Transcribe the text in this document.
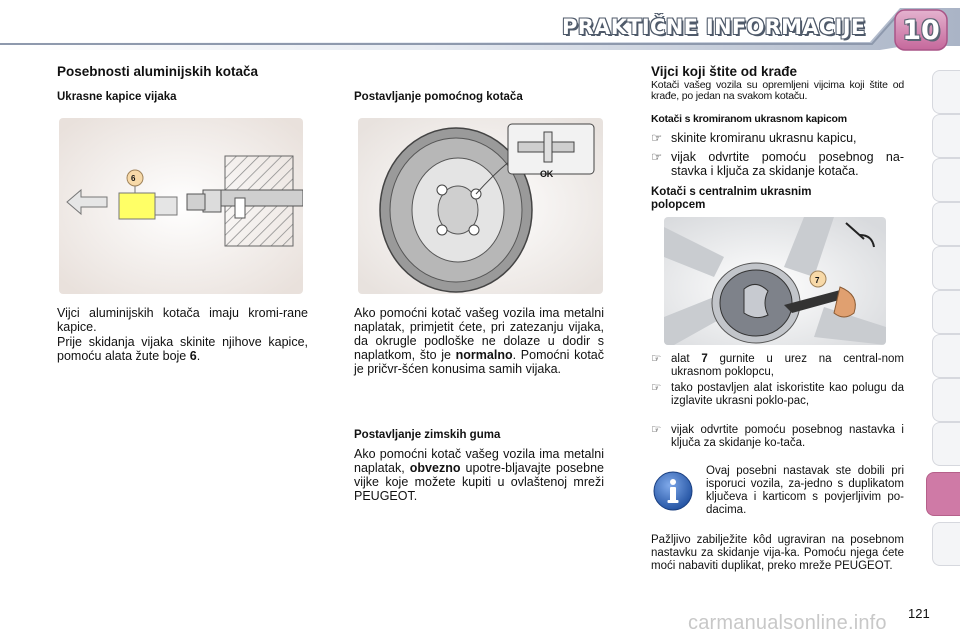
PRAKTIČNE INFORMACIJE 10
Posebnosti aluminijskih kotača
Ukrasne kapice vijaka
6
Vijci aluminijskih kotača imaju kromi-rane kapice.
Prije skidanja vijaka skinite njihove kapice, pomoću alata žute boje 6.
Postavljanje pomoćnog kotača
OK
Ako pomoćni kotač vašeg vozila ima metalni naplatak, primjetit ćete, pri zatezanju vijaka, da okrugle podloške ne dolaze u dodir s naplatkom, što je normalno. Pomoćni kotač je pričvr-šćen konusima samih vijaka.
Postavljanje zimskih guma
Ako pomoćni kotač vašeg vozila ima metalni naplatak, obvezno upotre-bljavajte posebne vijke koje možete kupiti u ovlaštenoj mreži PEUGEOT.
Vijci koji štite od krađe
Kotači vašeg vozila su opremljeni vijcima koji štite od krađe, po jedan na svakom kotaču.
Kotači s kromiranom ukrasnom kapicom
☞ skinite kromiranu ukrasnu kapicu,
☞ vijak odvrtite pomoću posebnog na-stavka i ključa za skidanje kotača.
Kotači s centralnim ukrasnim
polopcem
7
☞ alat 7 gurnite u urez na central-nom ukrasnom poklopcu,
☞ tako postavljen alat iskoristite kao polugu da izglavite ukrasni poklo-pac,
☞ vijak odvrtite pomoću posebnog nastavka i ključa za skidanje ko-tača.
Ovaj posebni nastavak ste dobili pri isporuci vozila, za-jedno s duplikatom ključeva i karticom s povjerljivim po-dacima.
Pažljivo zabilježite kôd ugraviran na posebnom nastavku za skidanje vija-ka. Pomoću njega ćete moći nabaviti duplikat, preko mreže PEUGEOT.
carmanualsonline.info 121
